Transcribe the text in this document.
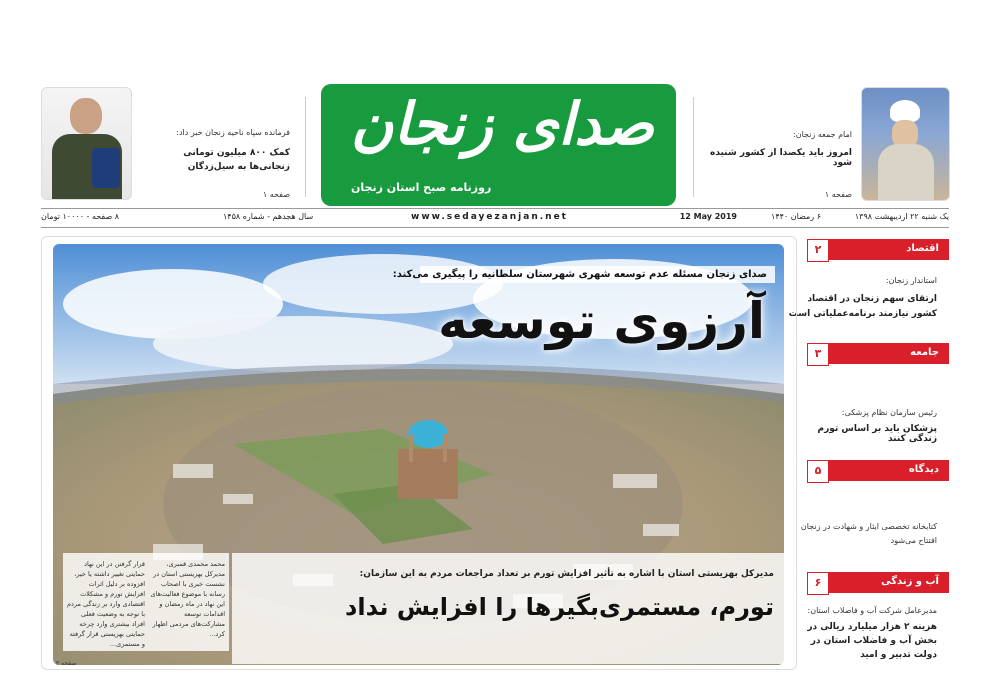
صدای زنجان
روزنامه صبح استان زنجان
امام جمعه زنجان:
امروز باید یکصدا از کشور شنیده شود
صفحه ۱
فرمانده سپاه ناحیه زنجان خبر داد:
کمک ۸۰۰ میلیون تومانی زنجانی‌ها به سیل‌زدگان
صفحه ۱
یک شنبه ۲۲ اردیبهشت ۱۳۹۸
۶ رمضان ۱۴۴۰
12 May 2019
www.sedayezanjan.net
سال هجدهم - شماره ۱۴۵۸
۸ صفحه - ۱۰۰۰۰ تومان
اقتصاد
۲
استاندار زنجان:
ارتقای سهم زنجان در اقتصاد کشور نیازمند برنامه‌عملیاتی است
جامعه
۳
رئیس سازمان نظام پزشکی:
پزشکان باید بر اساس تورم زندگی کنند
دیدگاه
۵
کتابخانه تخصصی ایثار و شهادت در زنجان افتتاح می‌شود
آب و زندگی
۶
مدیرعامل شرکت آب و فاضلاب استان:
هزینه ۲ هزار میلیارد ریالی در بخش آب و فاضلاب استان در دولت تدبیر و امید
صدای زنجان مسئله عدم توسعه شهری شهرستان سلطانیه را پیگیری می‌کند:
آرزوی توسعه
قرار گرفتن در این نهاد حمایتی تغییر داشته یا خیر، افزوده بر دلیل اثرات افزایش تورم و مشکلات اقتصادی وارد بر زندگی مردم با توجه به وضعیت فعلی افراد بیشتری وارد چرخه حمایتی بهزیستی قرار گرفته و مستمری...
محمد محمدی قمبری، مدیرکل بهزیستی استان در نشست خبری با اصحاب رسانه با موضوع فعالیت‌های این نهاد در ماه رمضان و اقدامات توسعه مشارکت‌های مردمی اظهار کرد...
مدیرکل بهزیستی استان با اشاره به تأثیر افزایش تورم بر تعداد مراجعات مردم به این سازمان:
تورم، مستمری‌بگیرها را افزایش نداد
صفحه ۳
